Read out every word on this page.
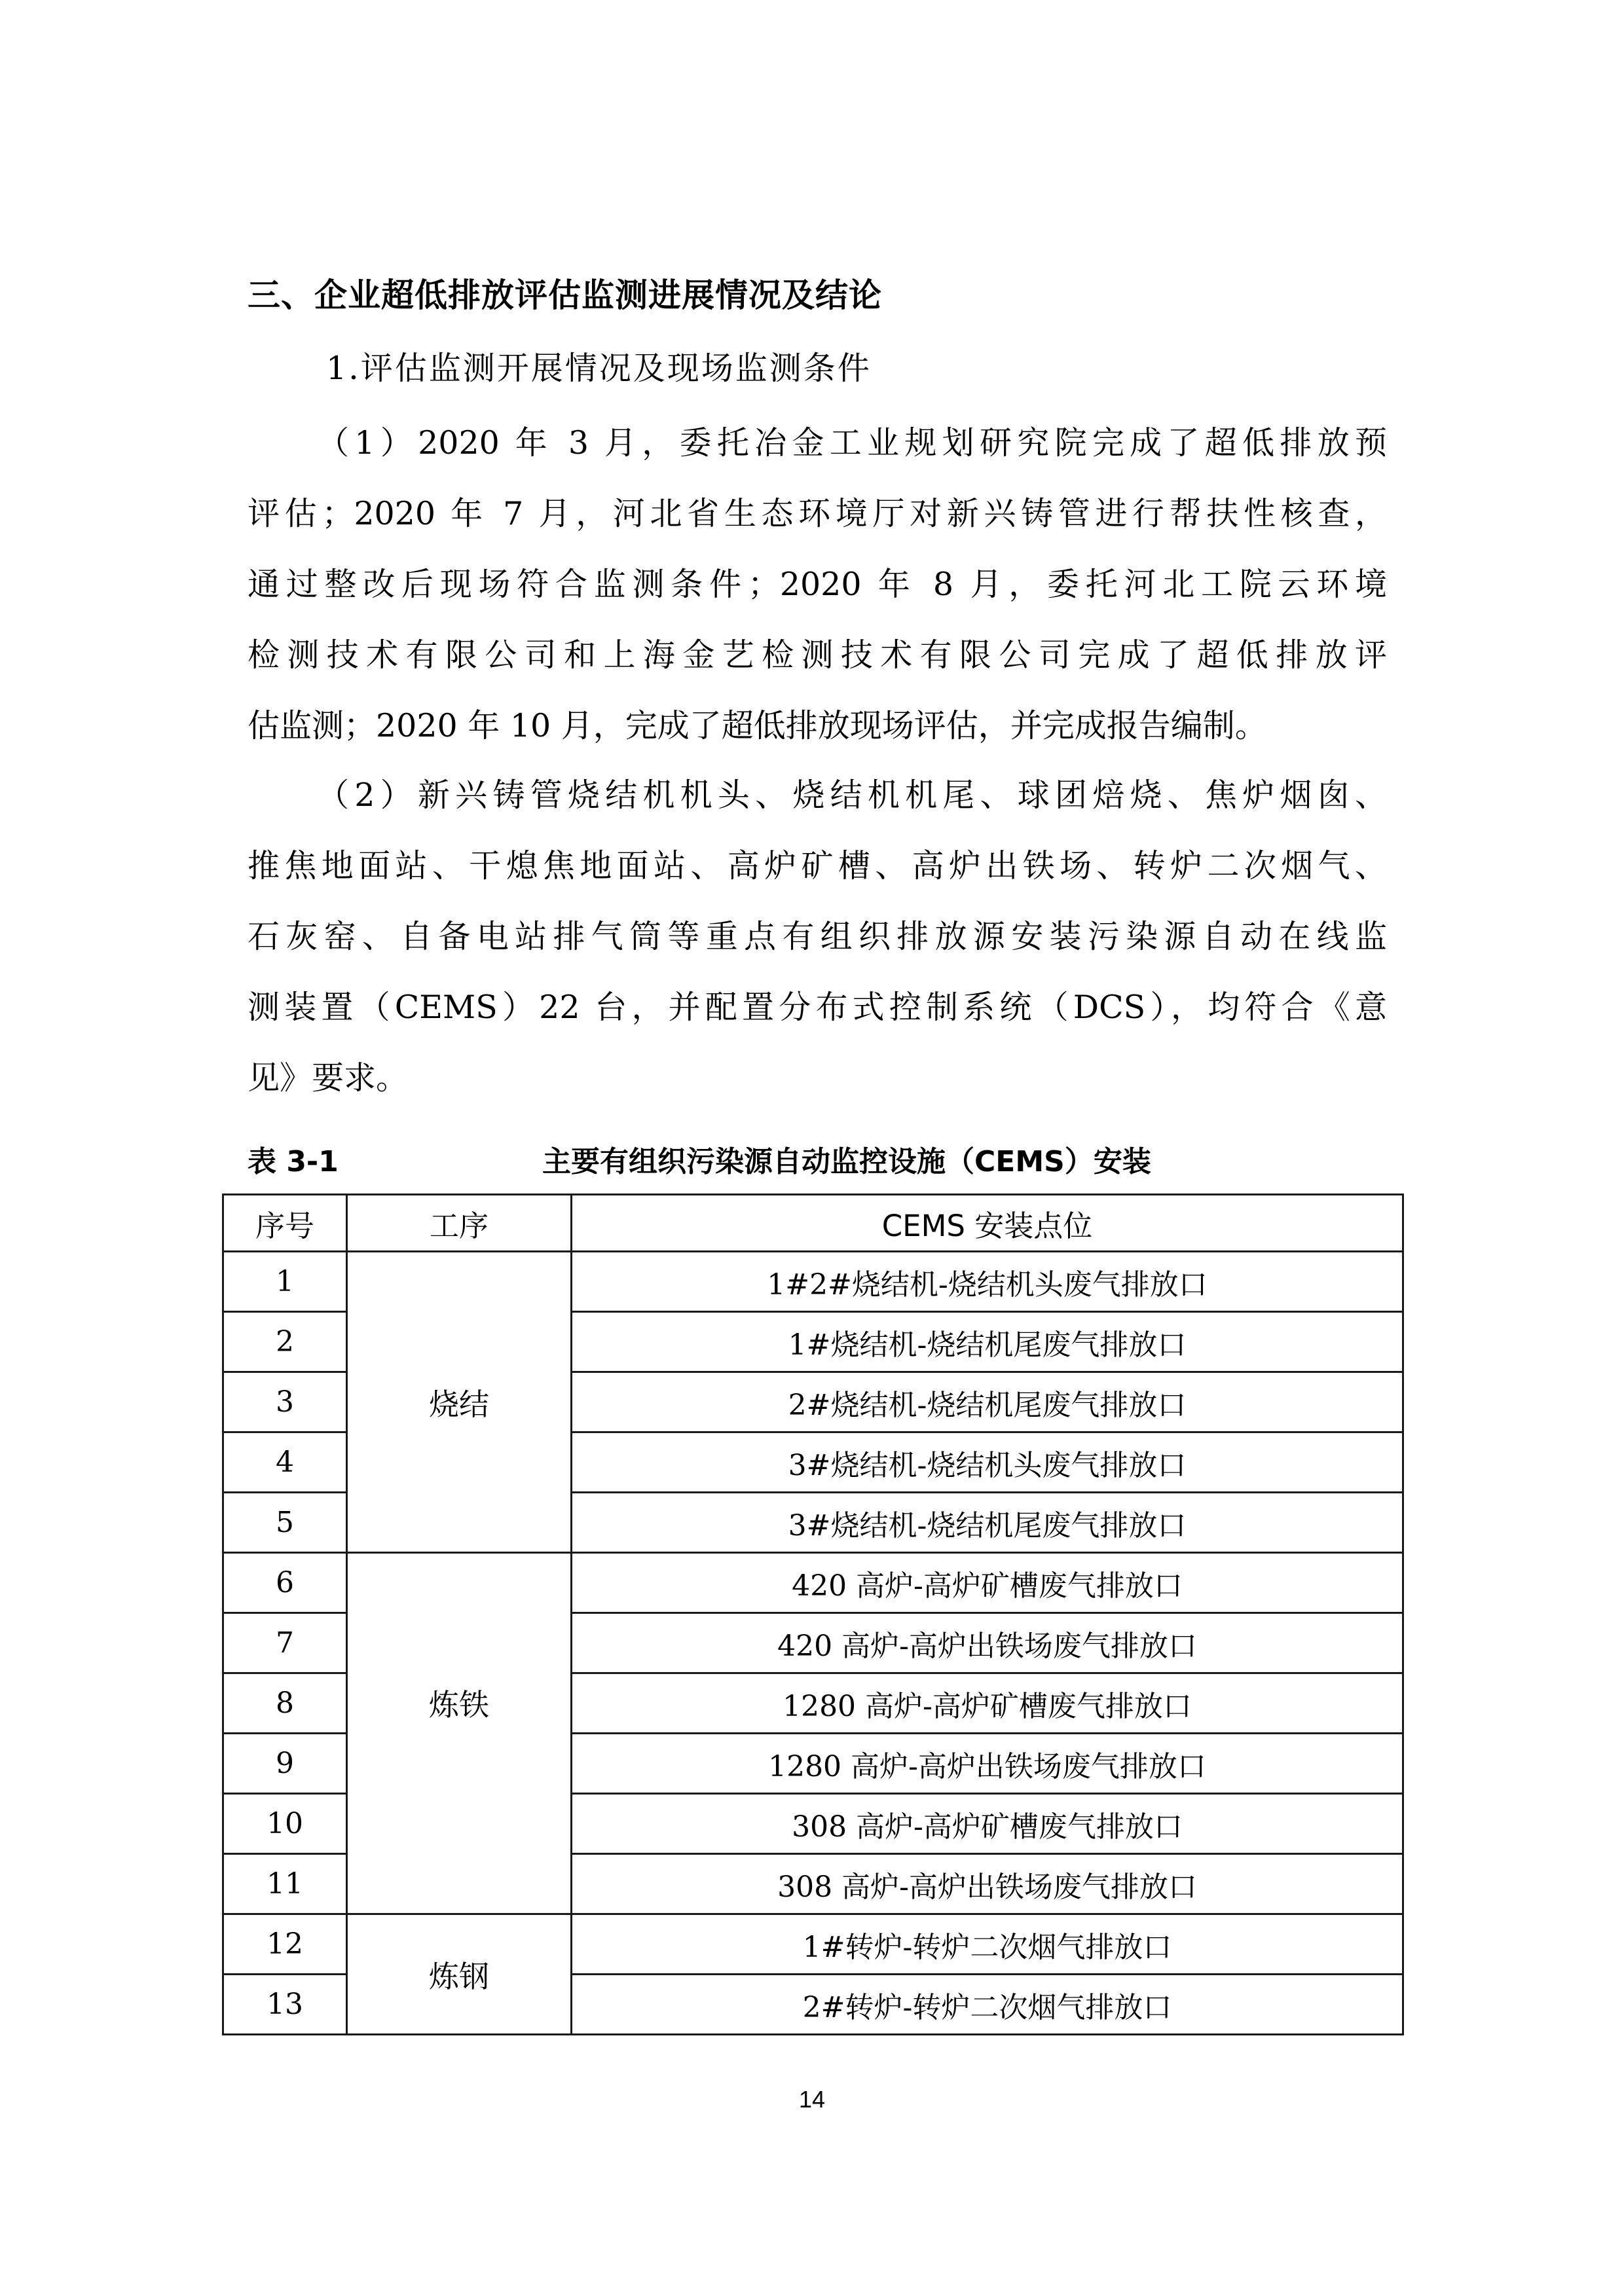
三、企业超低排放评估监测进展情况及结论
1.评估监测开展情况及现场监测条件
（1）2020 年 3 月，委托冶金工业规划研究院完成了超低排放预
评估；2020 年 7 月，河北省生态环境厅对新兴铸管进行帮扶性核查，
通过整改后现场符合监测条件；2020 年 8 月，委托河北工院云环境
检测技术有限公司和上海金艺检测技术有限公司完成了超低排放评
估监测；2020 年 10 月，完成了超低排放现场评估，并完成报告编制。
（2）新兴铸管烧结机机头、烧结机机尾、球团焙烧、焦炉烟囱、
推焦地面站、干熄焦地面站、高炉矿槽、高炉出铁场、转炉二次烟气、
石灰窑、自备电站排气筒等重点有组织排放源安装污染源自动在线监
测装置（CEMS）22 台，并配置分布式控制系统（DCS），均符合《意
见》要求。
表 3-1	主要有组织污染源自动监控设施（CEMS）安装
序号	工序	CEMS 安装点位
1	烧结	1#2#烧结机-烧结机头废气排放口
2		1#烧结机-烧结机尾废气排放口
3		2#烧结机-烧结机尾废气排放口
4		3#烧结机-烧结机头废气排放口
5		3#烧结机-烧结机尾废气排放口
6	炼铁	420 高炉-高炉矿槽废气排放口
7		420 高炉-高炉出铁场废气排放口
8		1280 高炉-高炉矿槽废气排放口
9		1280 高炉-高炉出铁场废气排放口
10		308 高炉-高炉矿槽废气排放口
11		308 高炉-高炉出铁场废气排放口
12	炼钢	1#转炉-转炉二次烟气排放口
13		2#转炉-转炉二次烟气排放口
14
